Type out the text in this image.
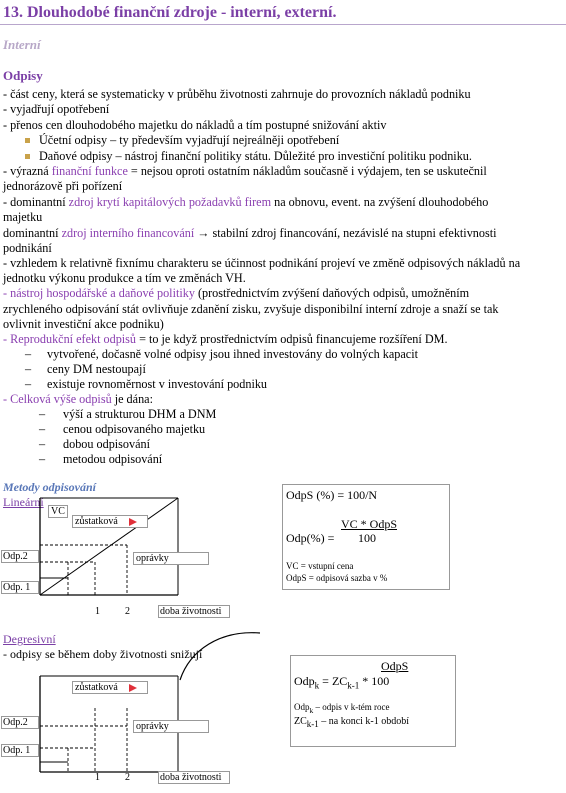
13. Dlouhodobé finanční zdroje - interní, externí.
Interní
Odpisy
- část ceny, která se systematicky v průběhu životnosti zahrnuje do provozních nákladů podniku
- vyjadřují opotřebení
- přenos cen dlouhodobého majetku do nákladů a tím postupné snižování aktiv
Účetní odpisy – ty především vyjadřují nejreálněji opotřebení
Daňové odpisy – nástroj finanční politiky státu. Důležité pro investiční politiku podniku.
- výrazná finanční funkce = nejsou oproti ostatním nákladům současně i výdajem, ten se uskutečnil
jednorázově při pořízení
- dominantní zdroj krytí kapitálových požadavků firem na obnovu, event. na zvýšení dlouhodobého
majetku
dominantní zdroj interního financování → stabilní zdroj financování, nezávislé na stupni efektivnosti
podnikání
- vzhledem k relativně fixnímu charakteru se účinnost podnikání projeví ve změně odpisových nákladů na
jednotku výkonu produkce a tím ve změnách VH.
- nástroj hospodářské a daňové politiky (prostřednictvím zvýšení daňových odpisů, umožněním
zrychleného odpisování stát ovlivňuje zdanění zisku, zvyšuje disponibilní interní zdroje a snaží se tak
ovlivnit investiční akce podniku)
- Reprodukční efekt odpisů = to je když prostřednictvím odpisů financujeme rozšíření DM.
– vytvořené, dočasně volné odpisy jsou ihned investovány do volných kapacit
– ceny DM nestoupají
– existuje rovnoměrnost v investování podniku
- Celková výše odpisů je dána:
– výší a strukturou DHM a DNM
– cenou odpisovaného majetku
– dobou odpisování
– metodou odpisování
Metody odpisování
Lineární
VC
zůstatková
oprávky
Odp.2
Odp. 1
1	2	doba životnosti
OdpS (%) = 100/N
VC * OdpS
Odp(%) = 100
VC = vstupní cena
OdpS = odpisová sazba v %
Degresivní
- odpisy se během doby životnosti snižují
zůstatková
oprávky
Odp.2
Odp. 1
1	2	doba životnosti
OdpS
$Odp_k = ZC_{k-1} * 100$
Odp$_k$ – odpis v k-tém roce
$ZC_{k-1}$ – na konci k-1 období
